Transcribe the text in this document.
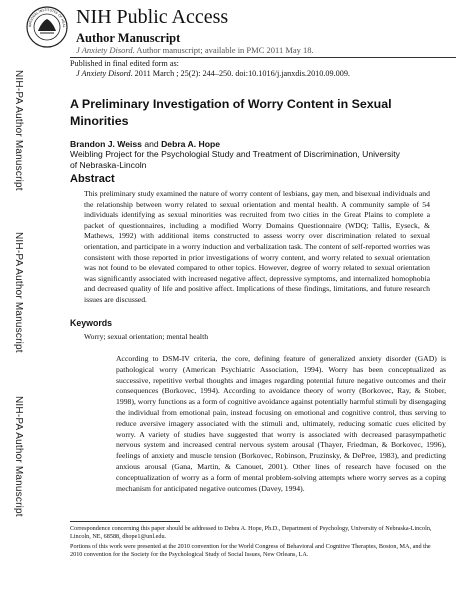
NIH-PA Author Manuscript
NIH-PA Author Manuscript
NIH-PA Author Manuscript
NATIONAL INSTITUTES OF HEAL NIH Public Access
Author Manuscript
J Anxiety Disord. Author manuscript; available in PMC 2011 May 18.
Published in final edited form as:
J Anxiety Disord. 2011 March ; 25(2): 244–250. doi:10.1016/j.janxdis.2010.09.009.
A Preliminary Investigation of Worry Content in Sexual Minorities
Brandon J. Weiss and Debra A. Hope
Weibling Project for the Psychologial Study and Treatment of Discrimination, University of Nebraska-Lincoln
Abstract
This preliminary study examined the nature of worry content of lesbians, gay men, and bisexual individuals and the relationship between worry related to sexual orientation and mental health. A community sample of 54 individuals identifying as sexual minorities was recruited from two cities in the Great Plains to complete a packet of questionnaires, including a modified Worry Domains Questionnaire (WDQ; Tallis, Eyseck, & Mathews, 1992) with additional items constructed to assess worry over discrimination related to sexual orientation, and participate in a worry induction and verbalization task. The content of self-reported worries was consistent with those reported in prior investigations of worry content, and worry related to sexual orientation was not found to be elevated compared to other topics. However, degree of worry related to sexual orientation was significantly associated with increased negative affect, depressive symptoms, and internalized homophobia and decreased quality of life and positive affect. Implications of these findings, limitations, and future research issues are discussed.
Keywords
Worry; sexual orientation; mental health
According to DSM-IV criteria, the core, defining feature of generalized anxiety disorder (GAD) is pathological worry (American Psychiatric Association, 1994). Worry has been conceptualized as successive, repetitive verbal thoughts and images regarding potential future negative outcomes and their consequences (Borkovec, 1994). According to avoidance theory of worry (Borkovec, Ray, & Stober, 1998), worry functions as a form of cognitive avoidance against potentially harmful stimuli by disengaging the individual from emotional pain, instead focusing on emotional and cognitive control, thus serving to reduce aversive imagery associated with the stimuli and, ultimately, reducing somatic cues elicited by worry. A variety of studies have suggested that worry is associated with decreased parasympathetic nervous system and increased central nervous system arousal (Thayer, Friedman, & Borkovec, 1996), feelings of anxiety and muscle tension (Borkovec, Robinson, Pruzinsky, & DePree, 1983), and predicting anxious arousal (Gana, Martin, & Canouet, 2001). Other lines of research have focused on the conceptualization of worry as a form of mental problem-solving attempts where worry serves as a coping mechanism for anticipated negative outcomes (Davey, 1994).
Correspondence concerning this paper should be addressed to Debra A. Hope, Ph.D., Department of Psychology, University of Nebraska-Lincoln, Lincoln, NE, 68588, dhope1@unl.edu.
Portions of this work were presented at the 2010 convention for the World Congress of Behavioral and Cognitive Therapies, Boston, MA, and the 2010 convention for the Society for the Psychological Study of Social Issues, New Orleans, LA.
